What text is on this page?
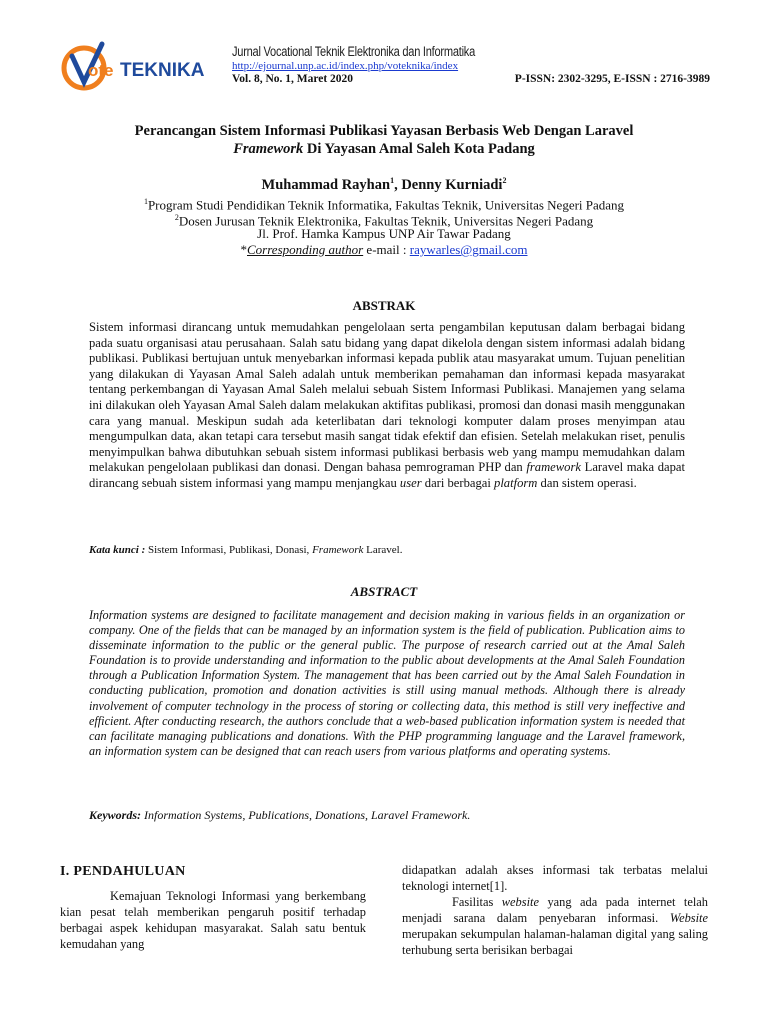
ote TEKNIKA
Jurnal Vocational Teknik Elektronika dan Informatika
http://ejournal.unp.ac.id/index.php/voteknika/index
Vol. 8, No. 1, Maret 2020	P-ISSN: 2302-3295, E-ISSN : 2716-3989
Perancangan Sistem Informasi Publikasi Yayasan Berbasis Web Dengan Laravel
Framework Di Yayasan Amal Saleh Kota Padang
Muhammad Rayhan$^1$, Denny Kurniadi$^2$
$^1$Program Studi Pendidikan Teknik Informatika, Fakultas Teknik, Universitas Negeri Padang
$^2$Dosen Jurusan Teknik Elektronika, Fakultas Teknik, Universitas Negeri Padang
Jl. Prof. Hamka Kampus UNP Air Tawar Padang
*Corresponding author e-mail : raywarles@gmail.com
ABSTRAK
Sistem informasi dirancang untuk memudahkan pengelolaan serta pengambilan keputusan dalam berbagai bidang pada suatu organisasi atau perusahaan. Salah satu bidang yang dapat dikelola dengan sistem informasi adalah bidang publikasi. Publikasi bertujuan untuk menyebarkan informasi kepada publik atau masyarakat umum. Tujuan penelitian yang dilakukan di Yayasan Amal Saleh adalah untuk memberikan pemahaman dan informasi kepada masyarakat tentang perkembangan di Yayasan Amal Saleh melalui sebuah Sistem Informasi Publikasi. Manajemen yang selama ini dilakukan oleh Yayasan Amal Saleh dalam melakukan aktifitas publikasi, promosi dan donasi masih menggunakan cara yang manual. Meskipun sudah ada keterlibatan dari teknologi komputer dalam proses menyimpan atau mengumpulkan data, akan tetapi cara tersebut masih sangat tidak efektif dan efisien. Setelah melakukan riset, penulis menyimpulkan bahwa dibutuhkan sebuah sistem informasi publikasi berbasis web yang mampu memudahkan dalam melakukan pengelolaan publikasi dan donasi. Dengan bahasa pemrograman PHP dan framework Laravel maka dapat dirancang sebuah sistem informasi yang mampu menjangkau user dari berbagai platform dan sistem operasi.
Kata kunci : Sistem Informasi, Publikasi, Donasi, Framework Laravel.
ABSTRACT
Information systems are designed to facilitate management and decision making in various fields in an organization or company. One of the fields that can be managed by an information system is the field of publication. Publication aims to disseminate information to the public or the general public. The purpose of research carried out at the Amal Saleh Foundation is to provide understanding and information to the public about developments at the Amal Saleh Foundation through a Publication Information System. The management that has been carried out by the Amal Saleh Foundation in conducting publication, promotion and donation activities is still using manual methods. Although there is already involvement of computer technology in the process of storing or collecting data, this method is still very ineffective and efficient. After conducting research, the authors conclude that a web-based publication information system is needed that can facilitate managing publications and donations. With the PHP programming language and the Laravel framework, an information system can be designed that can reach users from various platforms and operating systems.
Keywords: Information Systems, Publications, Donations, Laravel Framework.
I. PENDAHULUAN

Kemajuan Teknologi Informasi yang berkembang kian pesat telah memberikan pengaruh positif terhadap berbagai aspek kehidupan masyarakat. Salah satu bentuk kemudahan yang

didapatkan adalah akses informasi tak terbatas melalui teknologi internet[1].

Fasilitas website yang ada pada internet telah menjadi sarana dalam penyebaran informasi. Website merupakan sekumpulan halaman-halaman digital yang saling terhubung serta berisikan berbagai
